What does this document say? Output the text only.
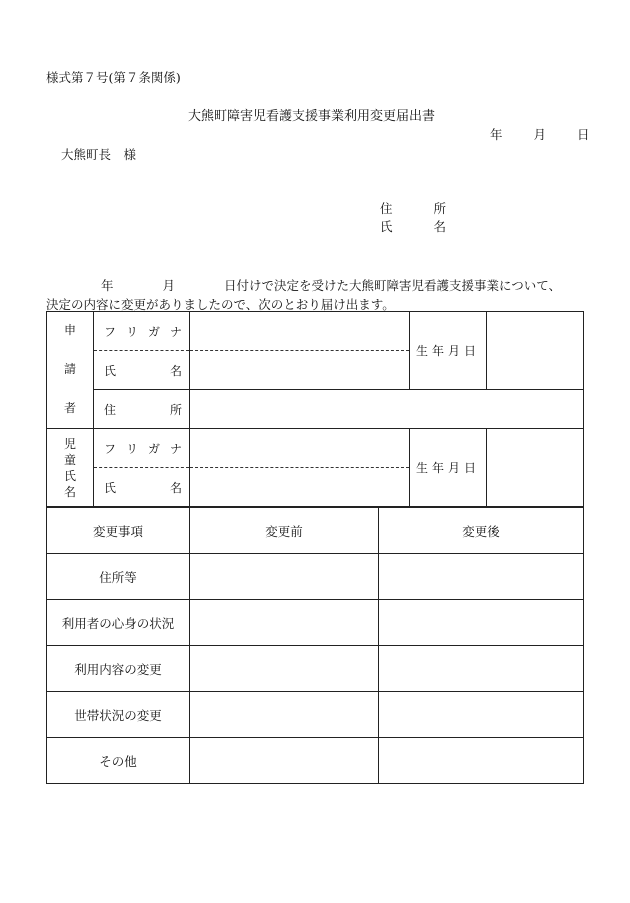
様式第７号(第７条関係)
大熊町障害児看護支援事業利用変更届出書
年 月 日
大熊町長　様
住	所
氏	名
年	月	日付けで決定を受けた大熊町障害児看護支援事業について、
決定の内容に変更がありましたので、次のとおり届け出ます。
申
請
者	フ リ ガ ナ		生年月日	

	氏 名			

	住 所			

児
童
氏
名	フ リ ガ ナ		生年月日	

	氏 名			

変更事項	変更前	変更後
住所等		
利用者の心身の状況		
利用内容の変更		
世帯状況の変更		
その他		
